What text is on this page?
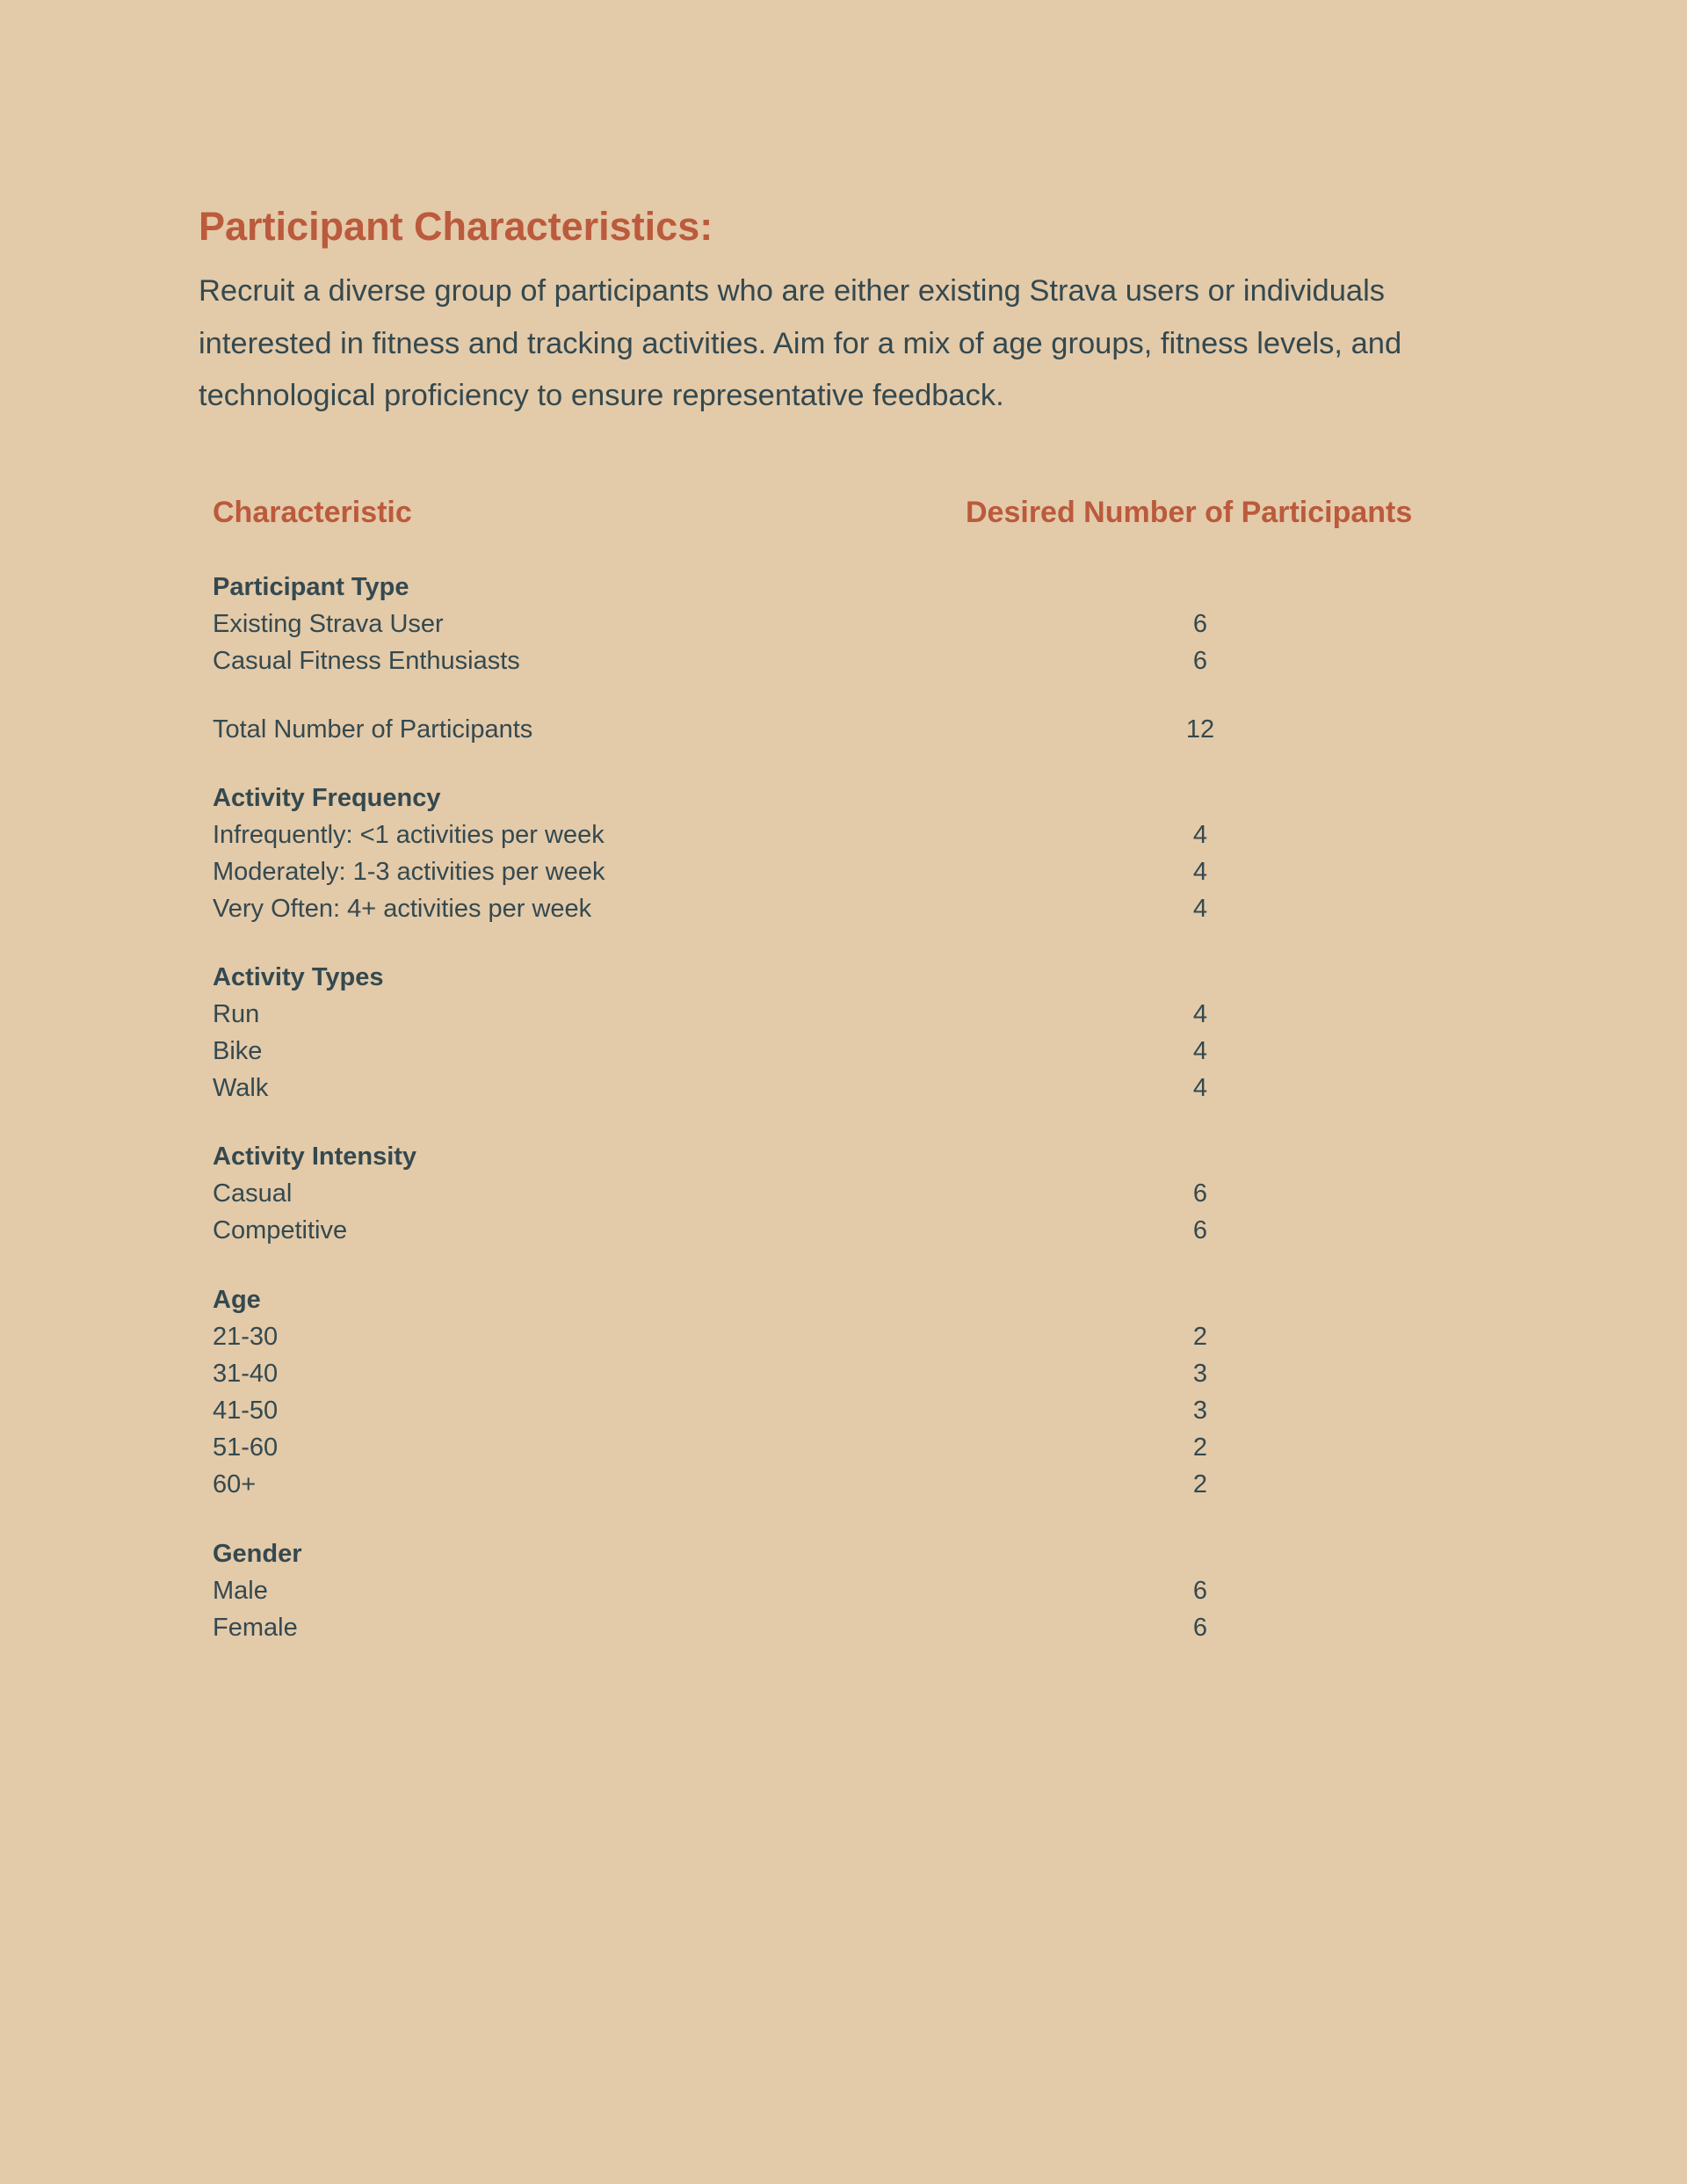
Participant Characteristics:

Recruit a diverse group of participants who are either existing Strava users or individuals interested in fitness and tracking activities. Aim for a mix of age groups, fitness levels, and technological proficiency to ensure representative feedback.

Characteristic	Desired Number of Participants
Participant Type
Existing Strava User	6
Casual Fitness Enthusiasts	6
Total Number of Participants	12
Activity Frequency
Infrequently: <1 activities per week	4
Moderately: 1-3 activities per week	4
Very Often: 4+ activities per week	4
Activity Types
Run	4
Bike	4
Walk	4
Activity Intensity
Casual	6
Competitive	6
Age
21-30	2
31-40	3
41-50	3
51-60	2
60+	2
Gender
Male	6
Female	6
